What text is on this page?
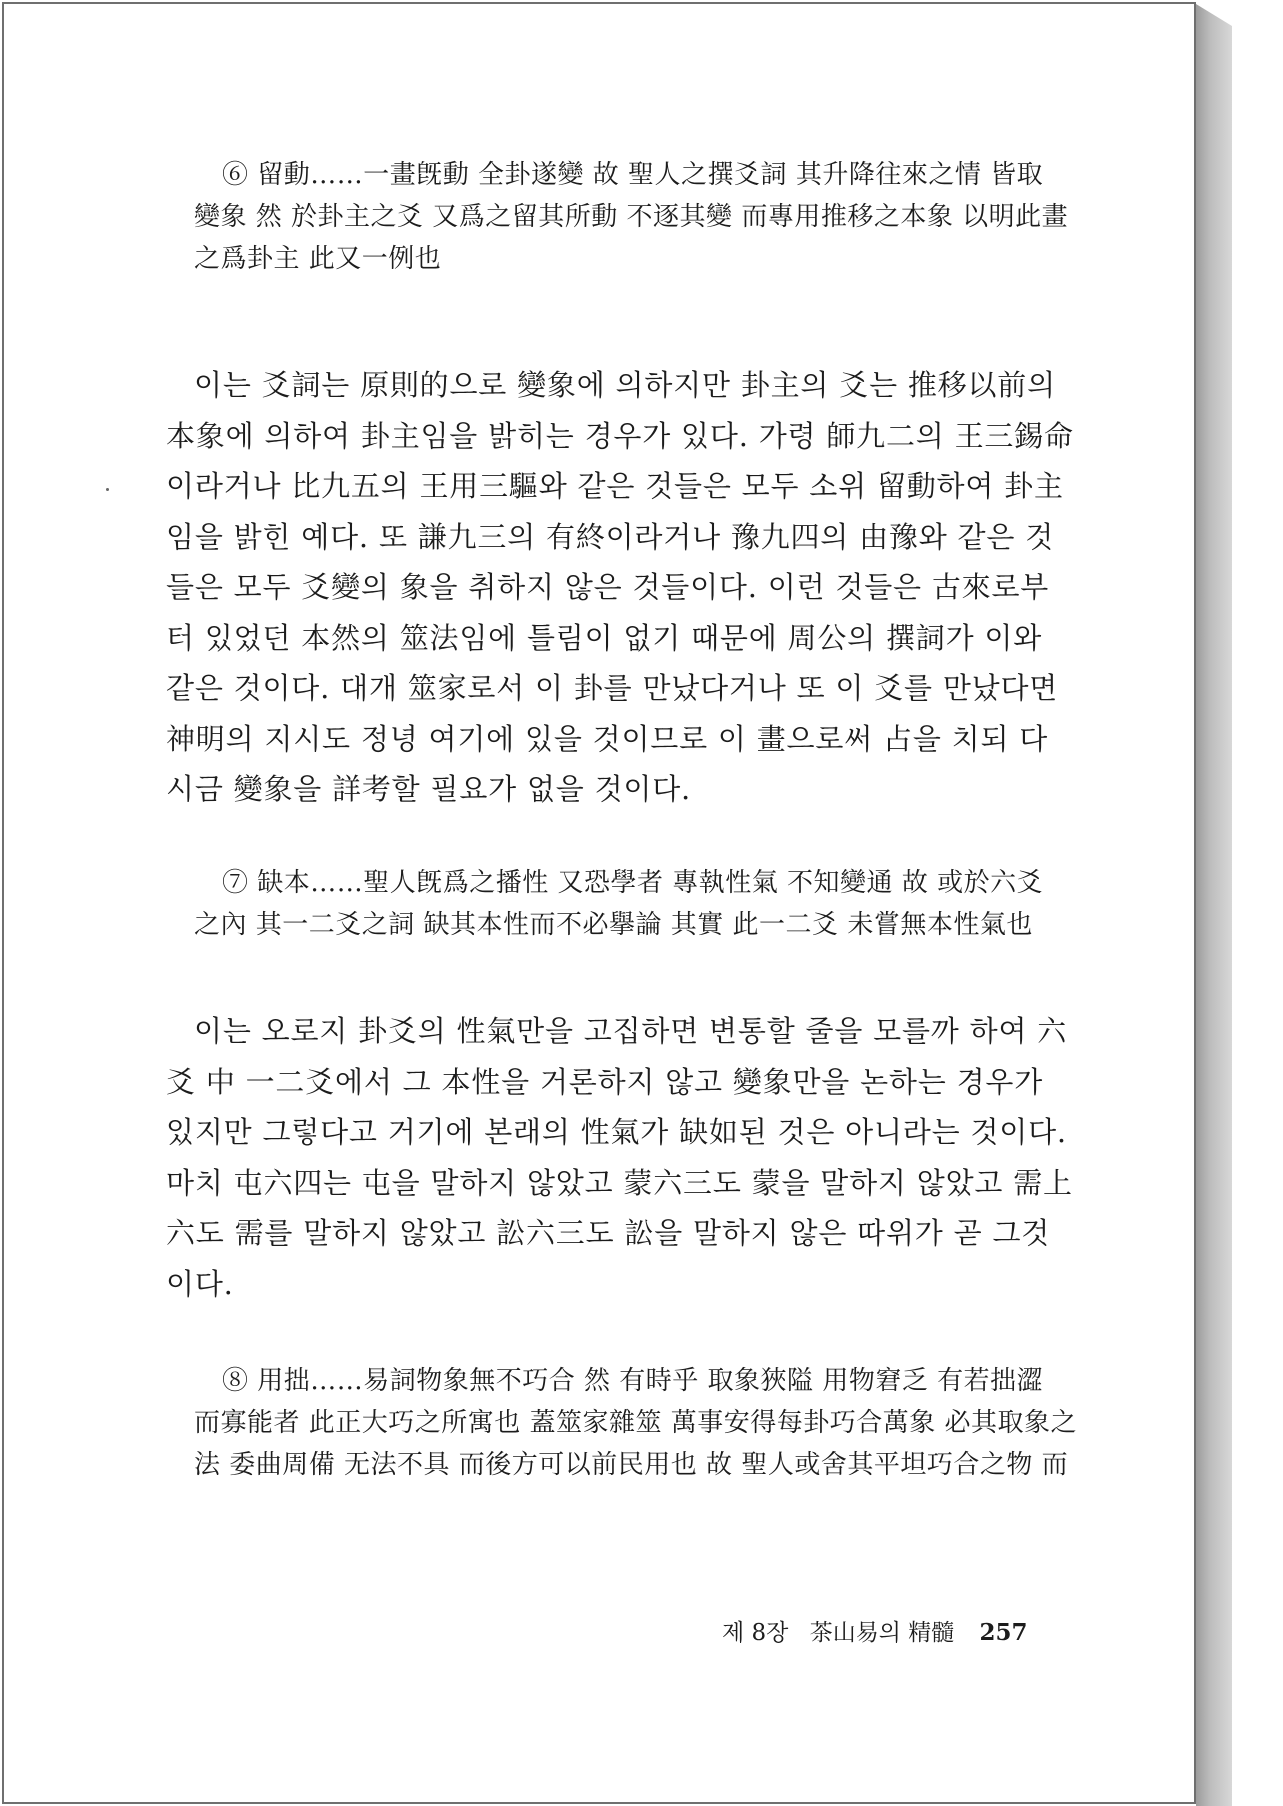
⑥ 留動……一畫旣動 全卦遂變 故 聖人之撰爻詞 其升降往來之情 皆取
變象 然 於卦主之爻 又爲之留其所動 不逐其變 而專用推移之本象 以明此畫
之爲卦主 此又一例也
이는 爻詞는 原則的으로 變象에 의하지만 卦主의 爻는 推移以前의
本象에 의하여 卦主임을 밝히는 경우가 있다. 가령 師九二의 王三錫命
이라거나 比九五의 王用三驅와 같은 것들은 모두 소위 留動하여 卦主
임을 밝힌 예다. 또 謙九三의 有終이라거나 豫九四의 由豫와 같은 것
들은 모두 爻變의 象을 취하지 않은 것들이다. 이런 것들은 古來로부
터 있었던 本然의 筮法임에 틀림이 없기 때문에 周公의 撰詞가 이와
같은 것이다. 대개 筮家로서 이 卦를 만났다거나 또 이 爻를 만났다면
神明의 지시도 정녕 여기에 있을 것이므로 이 畫으로써 占을 치되 다
시금 變象을 詳考할 필요가 없을 것이다.
⑦ 缺本……聖人旣爲之播性 又恐學者 專執性氣 不知變通 故 或於六爻
之內 其一二爻之詞 缺其本性而不必擧論 其實 此一二爻 未嘗無本性氣也
이는 오로지 卦爻의 性氣만을 고집하면 변통할 줄을 모를까 하여 六
爻 中 一二爻에서 그 本性을 거론하지 않고 變象만을 논하는 경우가
있지만 그렇다고 거기에 본래의 性氣가 缺如된 것은 아니라는 것이다.
마치 屯六四는 屯을 말하지 않았고 蒙六三도 蒙을 말하지 않았고 需上
六도 需를 말하지 않았고 訟六三도 訟을 말하지 않은 따위가 곧 그것
이다.
⑧ 用拙……易詞物象無不巧合 然 有時乎 取象狹隘 用物窘乏 有若拙澀
而寡能者 此正大巧之所寓也 蓋筮家雜筮 萬事安得每卦巧合萬象 必其取象之
法 委曲周備 无法不具 而後方可以前民用也 故 聖人或舍其平坦巧合之物 而
제 8장 茶山易의 精髓 257
